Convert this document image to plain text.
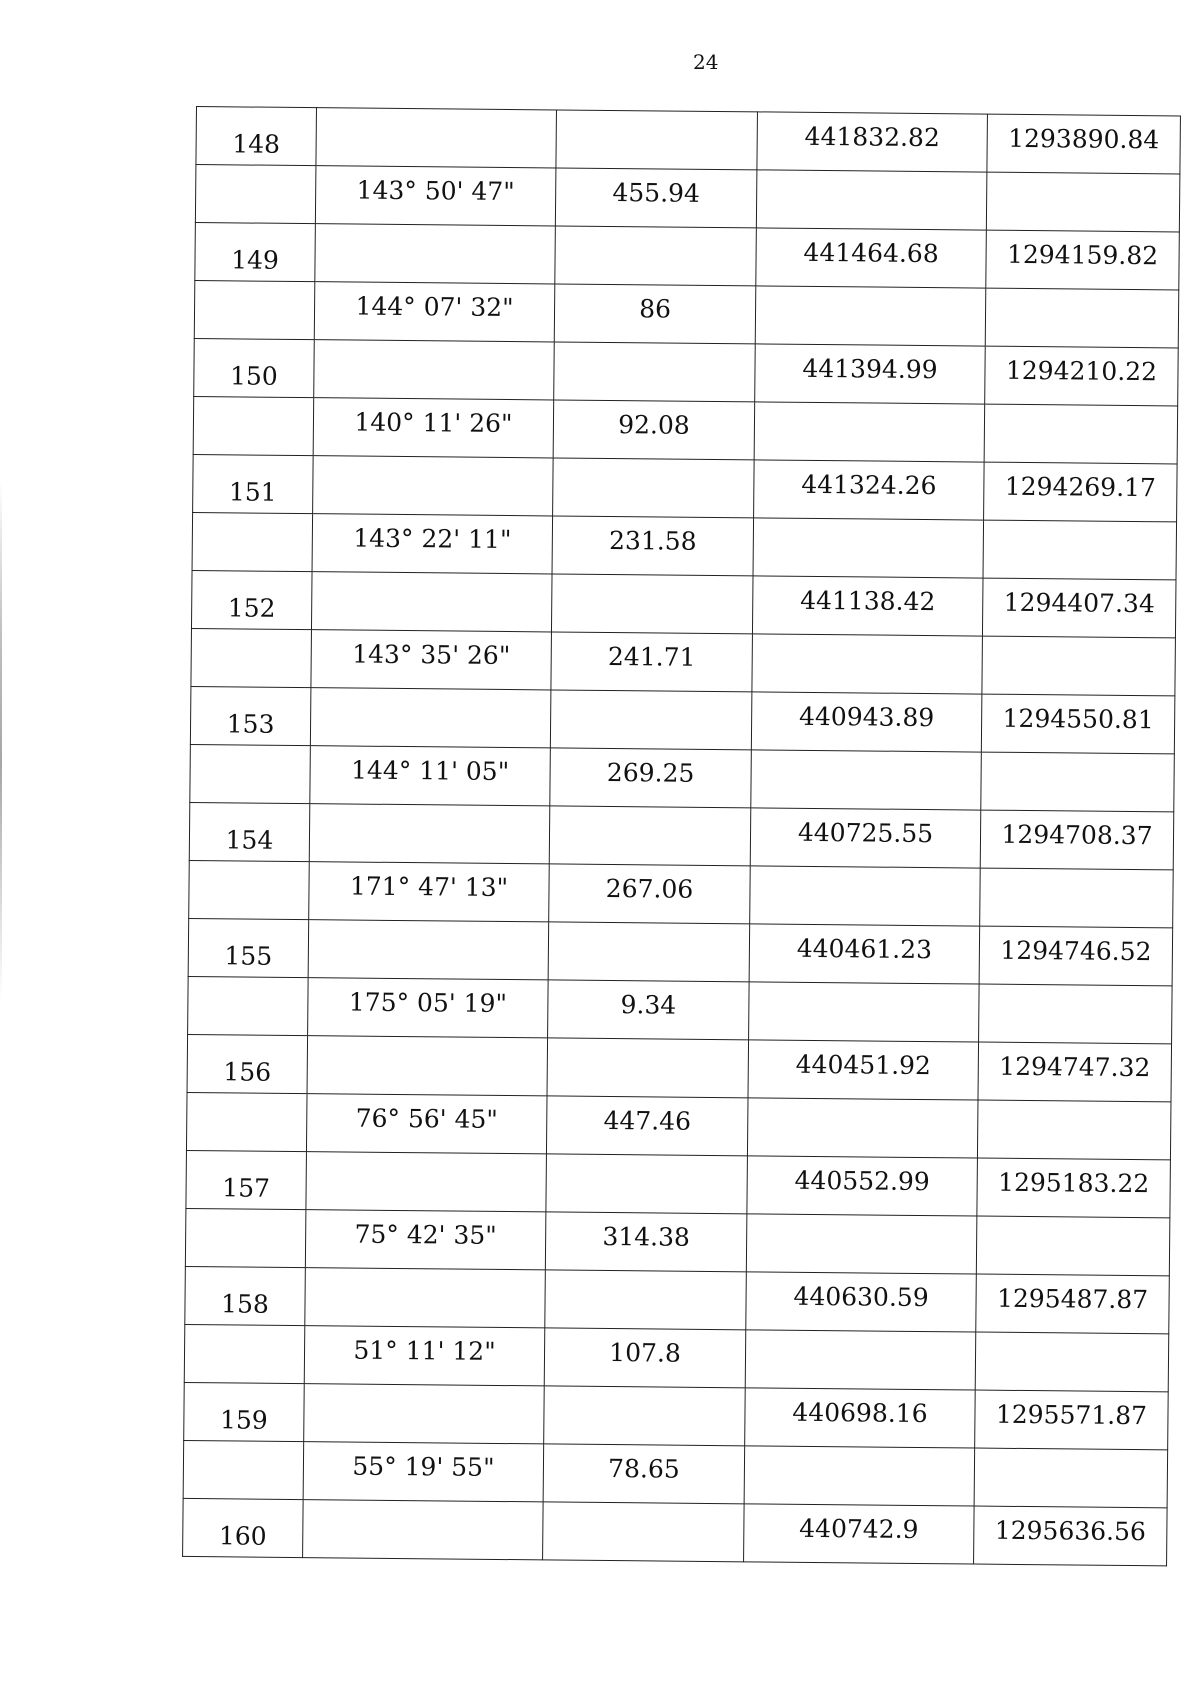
24
148			441832.82	1293890.84
	143° 50' 47"	455.94		
149			441464.68	1294159.82
	144° 07' 32"	86		
150			441394.99	1294210.22
	140° 11' 26"	92.08		
151			441324.26	1294269.17
	143° 22' 11"	231.58		
152			441138.42	1294407.34
	143° 35' 26"	241.71		
153			440943.89	1294550.81
	144° 11' 05"	269.25		
154			440725.55	1294708.37
	171° 47' 13"	267.06		
155			440461.23	1294746.52
	175° 05' 19"	9.34		
156			440451.92	1294747.32
	76° 56' 45"	447.46		
157			440552.99	1295183.22
	75° 42' 35"	314.38		
158			440630.59	1295487.87
	51° 11' 12"	107.8		
159			440698.16	1295571.87
	55° 19' 55"	78.65		
160			440742.9	1295636.56
